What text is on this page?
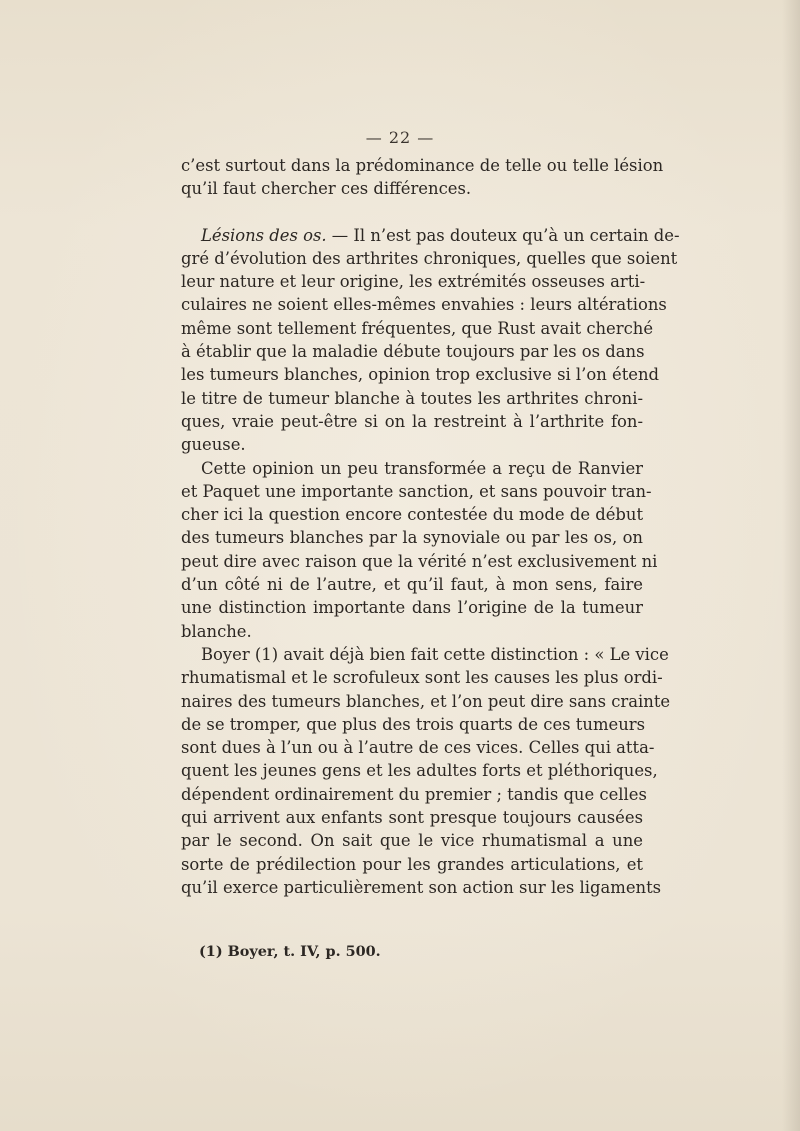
— 22 —
c’est surtout dans la prédominance de telle ou telle lésion
qu’il faut chercher ces différences.
Lésions des os. — Il n’est pas douteux qu’à un certain de-
gré d’évolution des arthrites chroniques, quelles que soient
leur nature et leur origine, les extrémités osseuses arti-
culaires ne soient elles-mêmes envahies : leurs altérations
même sont tellement fréquentes, que Rust avait cherché
à établir que la maladie débute toujours par les os dans
les tumeurs blanches, opinion trop exclusive si l’on étend
le titre de tumeur blanche à toutes les arthrites chroni-
ques, vraie peut-être si on la restreint à l’arthrite fon-
gueuse.
Cette opinion un peu transformée a reçu de Ranvier
et Paquet une importante sanction, et sans pouvoir tran-
cher ici la question encore contestée du mode de début
des tumeurs blanches par la synoviale ou par les os, on
peut dire avec raison que la vérité n’est exclusivement ni
d’un côté ni de l’autre, et qu’il faut, à mon sens, faire
une distinction importante dans l’origine de la tumeur
blanche.
Boyer (1) avait déjà bien fait cette distinction : « Le vice
rhumatismal et le scrofuleux sont les causes les plus ordi-
naires des tumeurs blanches, et l’on peut dire sans crainte
de se tromper, que plus des trois quarts de ces tumeurs
sont dues à l’un ou à l’autre de ces vices. Celles qui atta-
quent les jeunes gens et les adultes forts et pléthoriques,
dépendent ordinairement du premier ; tandis que celles
qui arrivent aux enfants sont presque toujours causées
par le second. On sait que le vice rhumatismal a une
sorte de prédilection pour les grandes articulations, et
qu’il exerce particulièrement son action sur les ligaments
(1) Boyer, t. IV, p. 500.
